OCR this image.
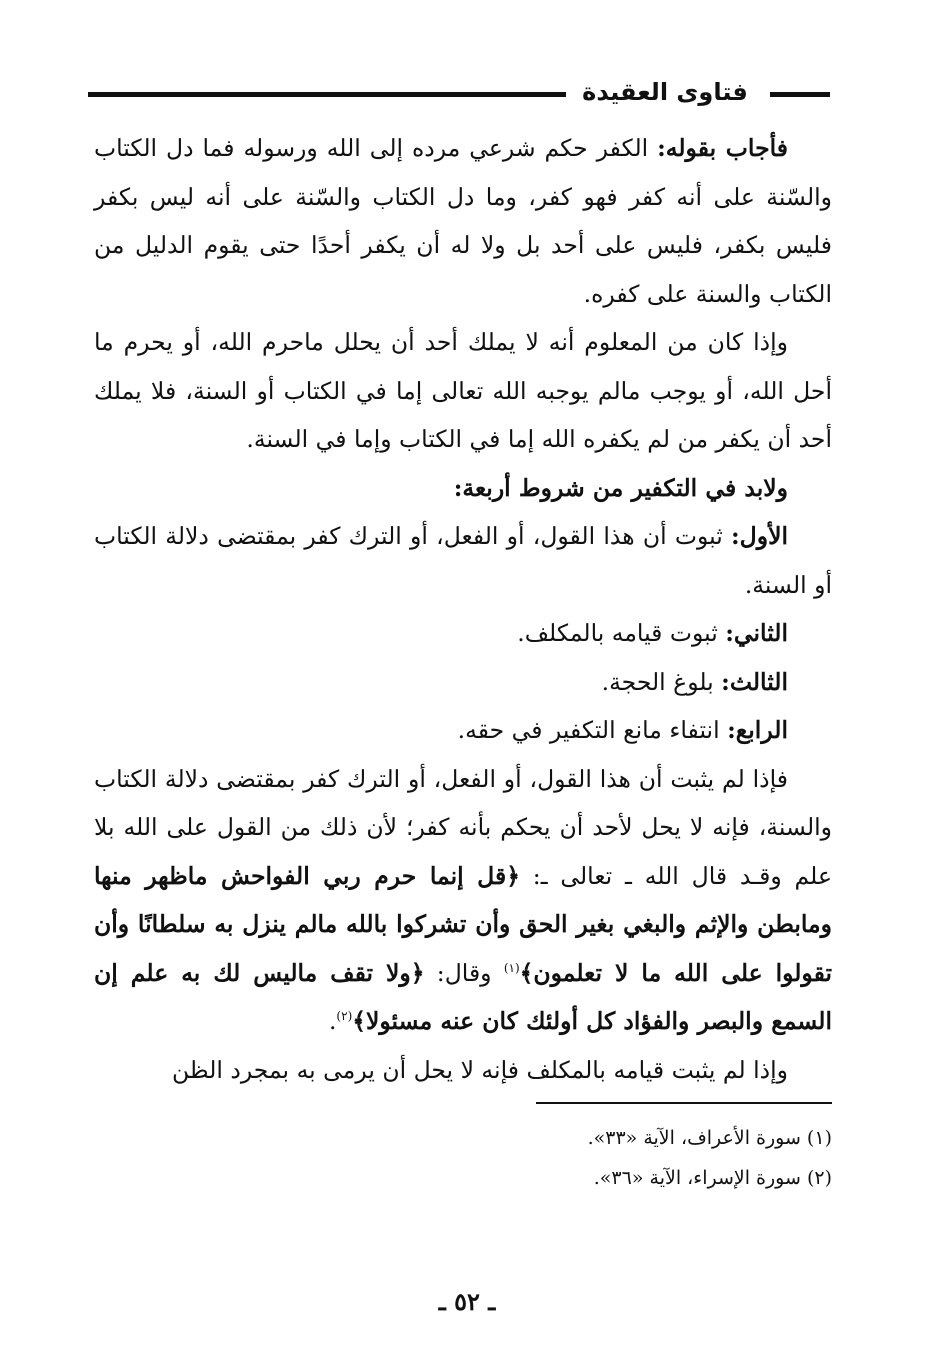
فتاوى العقيدة

فأجاب بقوله: الكفر حكم شرعي مرده إلى الله ورسوله فما دل الكتاب والسّنة على أنه كفر فهو كفر، وما دل الكتاب والسّنة على أنه ليس بكفر فليس بكفر، فليس على أحد بل ولا له أن يكفر أحدًا حتى يقوم الدليل من الكتاب والسنة على كفره.

وإذا كان من المعلوم أنه لا يملك أحد أن يحلل ماحرم الله، أو يحرم ما أحل الله، أو يوجب مالم يوجبه الله تعالى إما في الكتاب أو السنة، فلا يملك أحد أن يكفر من لم يكفره الله إما في الكتاب وإما في السنة.

ولابد في التكفير من شروط أربعة:

الأول: ثبوت أن هذا القول، أو الفعل، أو الترك كفر بمقتضى دلالة الكتاب أو السنة.

الثاني: ثبوت قيامه بالمكلف.

الثالث: بلوغ الحجة.

الرابع: انتفاء مانع التكفير في حقه.

فإذا لم يثبت أن هذا القول، أو الفعل، أو الترك كفر بمقتضى دلالة الكتاب والسنة، فإنه لا يحل لأحد أن يحكم بأنه كفر؛ لأن ذلك من القول على الله بلا علم وقـد قال الله ـ تعالى ـ: ﴿قل إنما حرم ربي الفواحش ماظهر منها ومابطن والإثم والبغي بغير الحق وأن تشركوا بالله مالم ينزل به سلطانًا وأن تقولوا على الله ما لا تعلمون﴾$^{(١)}$ وقال: ﴿ولا تقف ماليس لك به علم إن السمع والبصر والفؤاد كل أولئك كان عنه مسئولا﴾$^{(٢)}$.

وإذا لم يثبت قيامه بالمكلف فإنه لا يحل أن يرمى به بمجرد الظن

(١) سورة الأعراف، الآية «٣٣».
(٢) سورة الإسراء، الآية «٣٦».
ـ ٥٢ ـ
